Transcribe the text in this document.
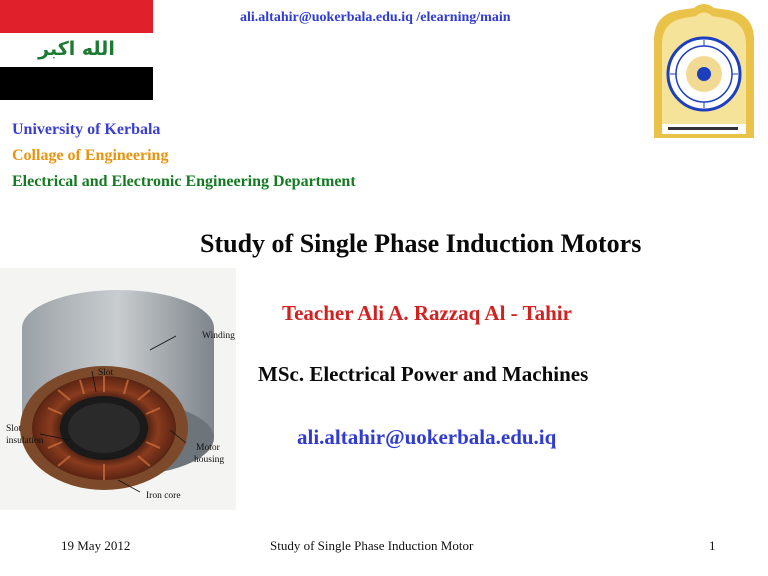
الله اكبر
ali.altahir@uokerbala.edu.iq /elearning/main
University of Kerbala
Collage of Engineering
Electrical and Electronic Engineering Department
Study of Single Phase Induction Motors
Winding
Slot
Slot
insulation
Motor
housing
Iron core
Teacher Ali A. Razzaq Al - Tahir
MSc. Electrical Power and Machines
ali.altahir@uokerbala.edu.iq
19 May 2012	Study of Single Phase Induction Motor	1
